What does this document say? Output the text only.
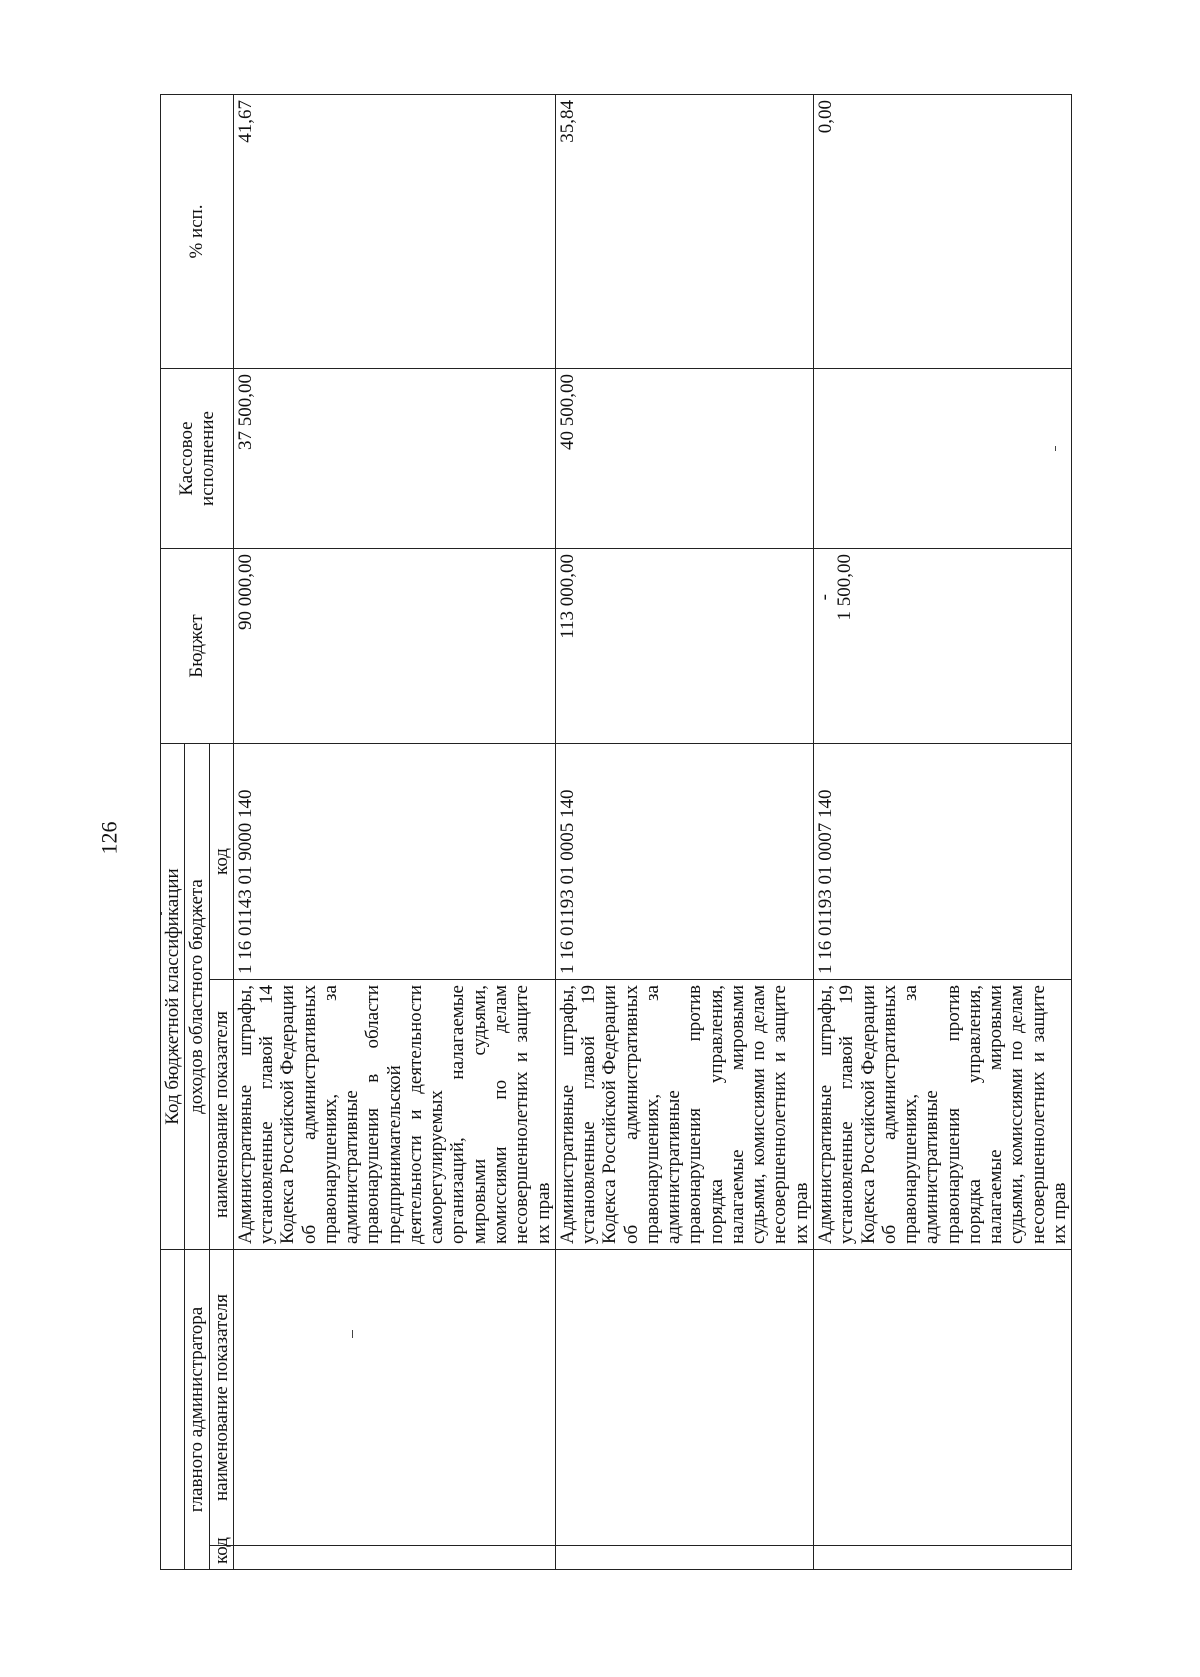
126
		Код бюджетной классификации		Бюджет	Кассовое исполнение	% исп.
главного администратора		доходов областного бюджета				
код	наименование показателя	наименование показателя	код			
		Административные штрафы, установленные главой 14 Кодекса Российской Федерации об административных правонарушениях, за административные правонарушения в области предпринимательской деятельности и деятельности саморегулируемых организаций, налагаемые мировыми судьями, комиссиями по делам несовершеннолетних и защите их прав	1 16 01143 01 9000 140	90 000,00	37 500,00	41,67
		Административные штрафы, установленные главой 19 Кодекса Российской Федерации об административных правонарушениях, за административные правонарушения против порядка управления, налагаемые мировыми судьями, комиссиями по делам несовершеннолетних и защите их прав	1 16 01193 01 0005 140	113 000,00	40 500,00	35,84
		Административные штрафы, установленные главой 19 Кодекса Российской Федерации об административных правонарушениях, за административные правонарушения против порядка управления, налагаемые мировыми судьями, комиссиями по делам несовершеннолетних и защите их прав	1 16 01193 01 0007 140	- 1 500,00		0,00
